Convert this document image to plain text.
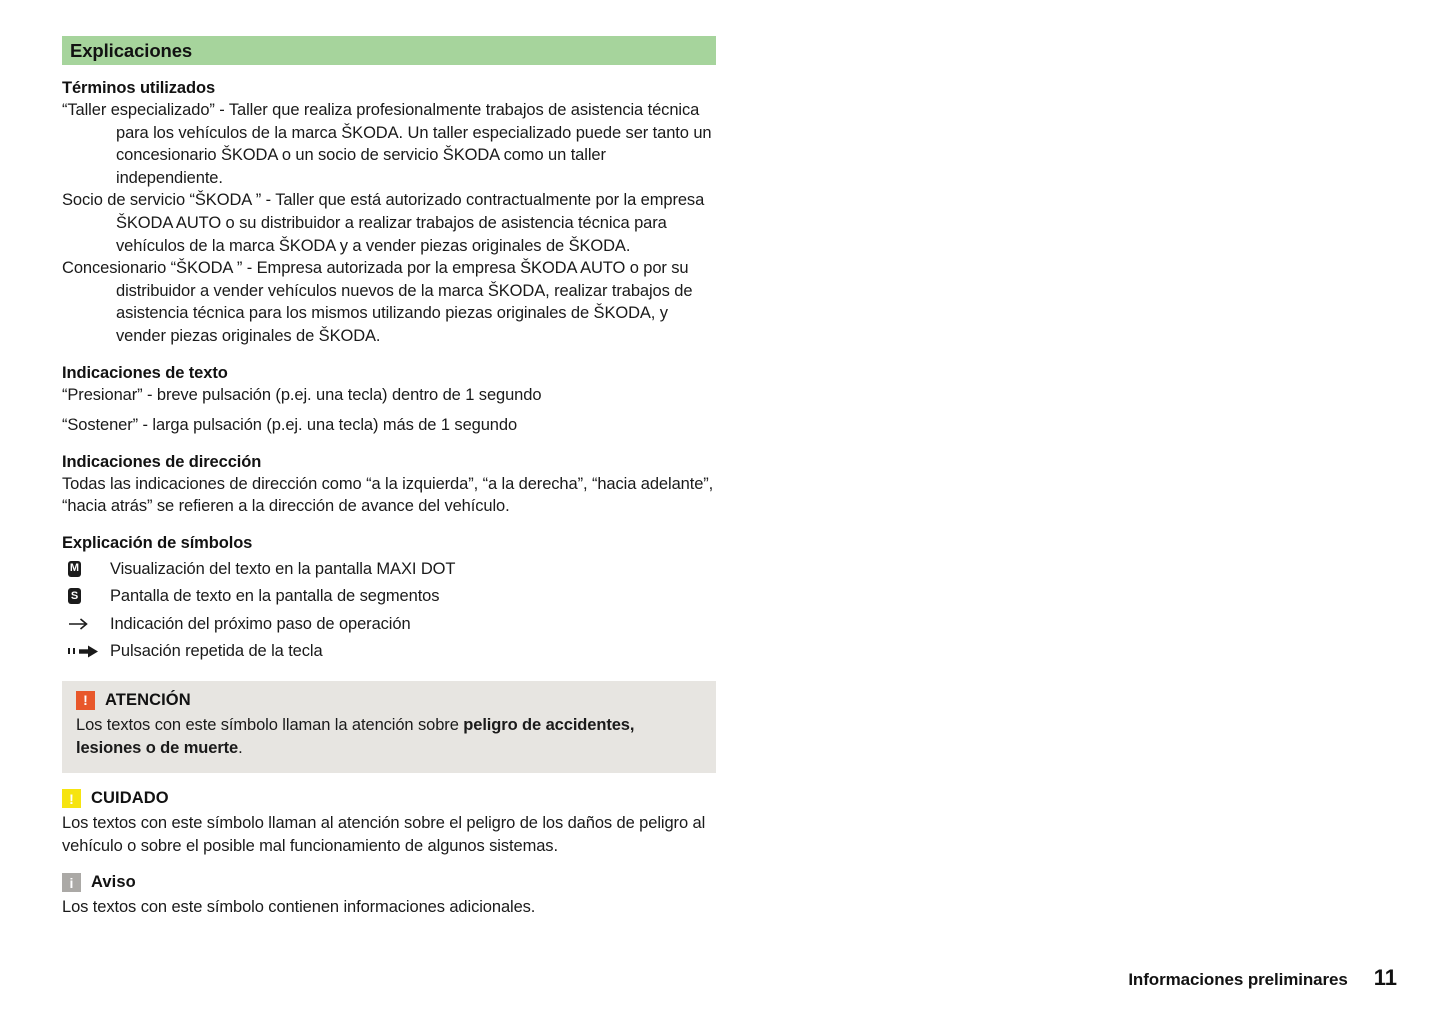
Explicaciones
Términos utilizados

“Taller especializado” - Taller que realiza profesionalmente trabajos de asistencia técnica para los vehículos de la marca ŠKODA. Un taller especializado puede ser tanto un concesionario ŠKODA o un socio de servicio ŠKODA como un taller independiente.

Socio de servicio “ŠKODA ” - Taller que está autorizado contractualmente por la empresa ŠKODA AUTO o su distribuidor a realizar trabajos de asistencia técnica para vehículos de la marca ŠKODA y a vender piezas originales de ŠKODA.

Concesionario “ŠKODA ” - Empresa autorizada por la empresa ŠKODA AUTO o por su distribuidor a vender vehículos nuevos de la marca ŠKODA, realizar trabajos de asistencia técnica para los mismos utilizando piezas originales de ŠKODA, y vender piezas originales de ŠKODA.

Indicaciones de texto

“Presionar” - breve pulsación (p.ej. una tecla) dentro de 1 segundo

“Sostener” - larga pulsación (p.ej. una tecla) más de 1 segundo

Indicaciones de dirección

Todas las indicaciones de dirección como “a la izquierda”, “a la derecha”, “hacia adelante”, “hacia atrás” se refieren a la dirección de avance del vehículo.

Explicación de símbolos
M Visualización del texto en la pantalla MAXI DOT
S Pantalla de texto en la pantalla de segmentos
Indicación del próximo paso de operación
Pulsación repetida de la tecla
!	ATENCIÓN
Los textos con este símbolo llaman la atención sobre peligro de accidentes, lesiones o de muerte.
!	CUIDADO
Los textos con este símbolo llaman al atención sobre el peligro de los daños de peligro al vehículo o sobre el posible mal funcionamiento de algunos sistemas.
i	Aviso
Los textos con este símbolo contienen informaciones adicionales.
Informaciones preliminares 11
